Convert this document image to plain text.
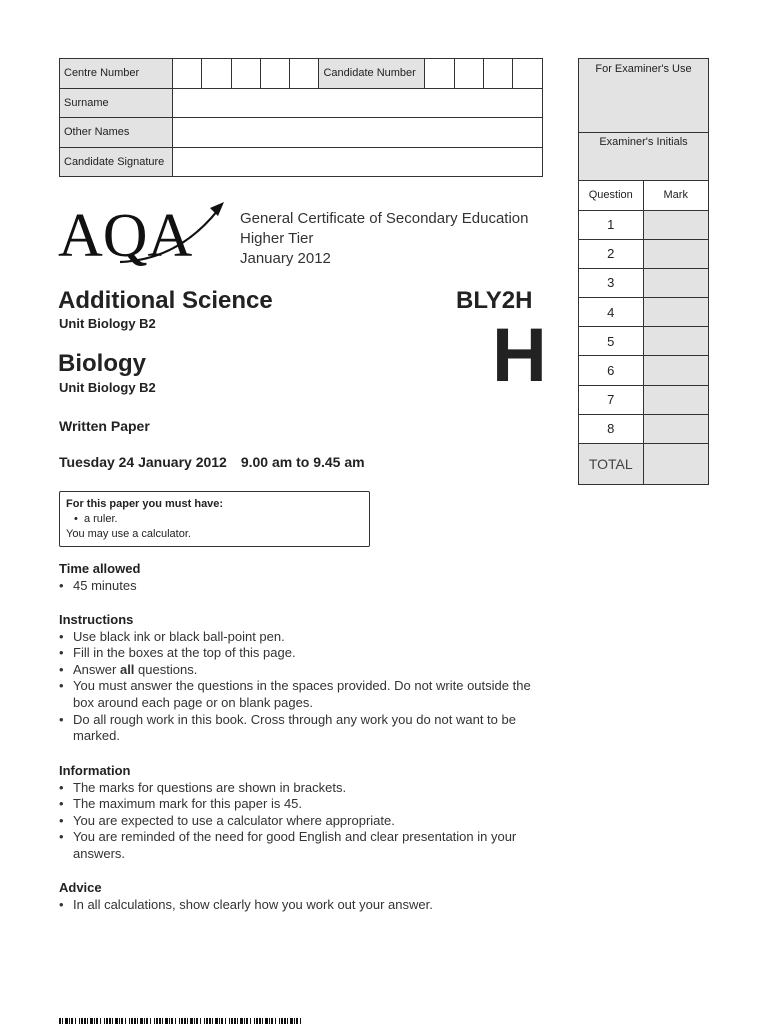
Centre Number						Candidate Number				
Surname										
Other Names										
Candidate Signature										
For Examiner's Use
Examiner's Initials
Question	Mark
1	
2	
3	
4	
5	
6	
7	
8	
TOTAL	
AQA	General Certificate of Secondary Education
Higher Tier
January 2012
Additional Science
Unit Biology B2
BLY2H
H
Biology
Unit Biology B2
Written Paper
Tuesday 24 January 2012 9.00 am to 9.45 am
For this paper you must have:
•  a ruler.
You may use a calculator.
Time allowed
• 45 minutes
Instructions
• Use black ink or black ball-point pen.
• Fill in the boxes at the top of this page.
• Answer all questions.
• You must answer the questions in the spaces provided. Do not write outside the box around each page or on blank pages.
• Do all rough work in this book. Cross through any work you do not want to be marked.
Information
• The marks for questions are shown in brackets.
• The maximum mark for this paper is 45.
• You are expected to use a calculator where appropriate.
• You are reminded of the need for good English and clear presentation in your answers.
Advice
• In all calculations, show clearly how you work out your answer.
